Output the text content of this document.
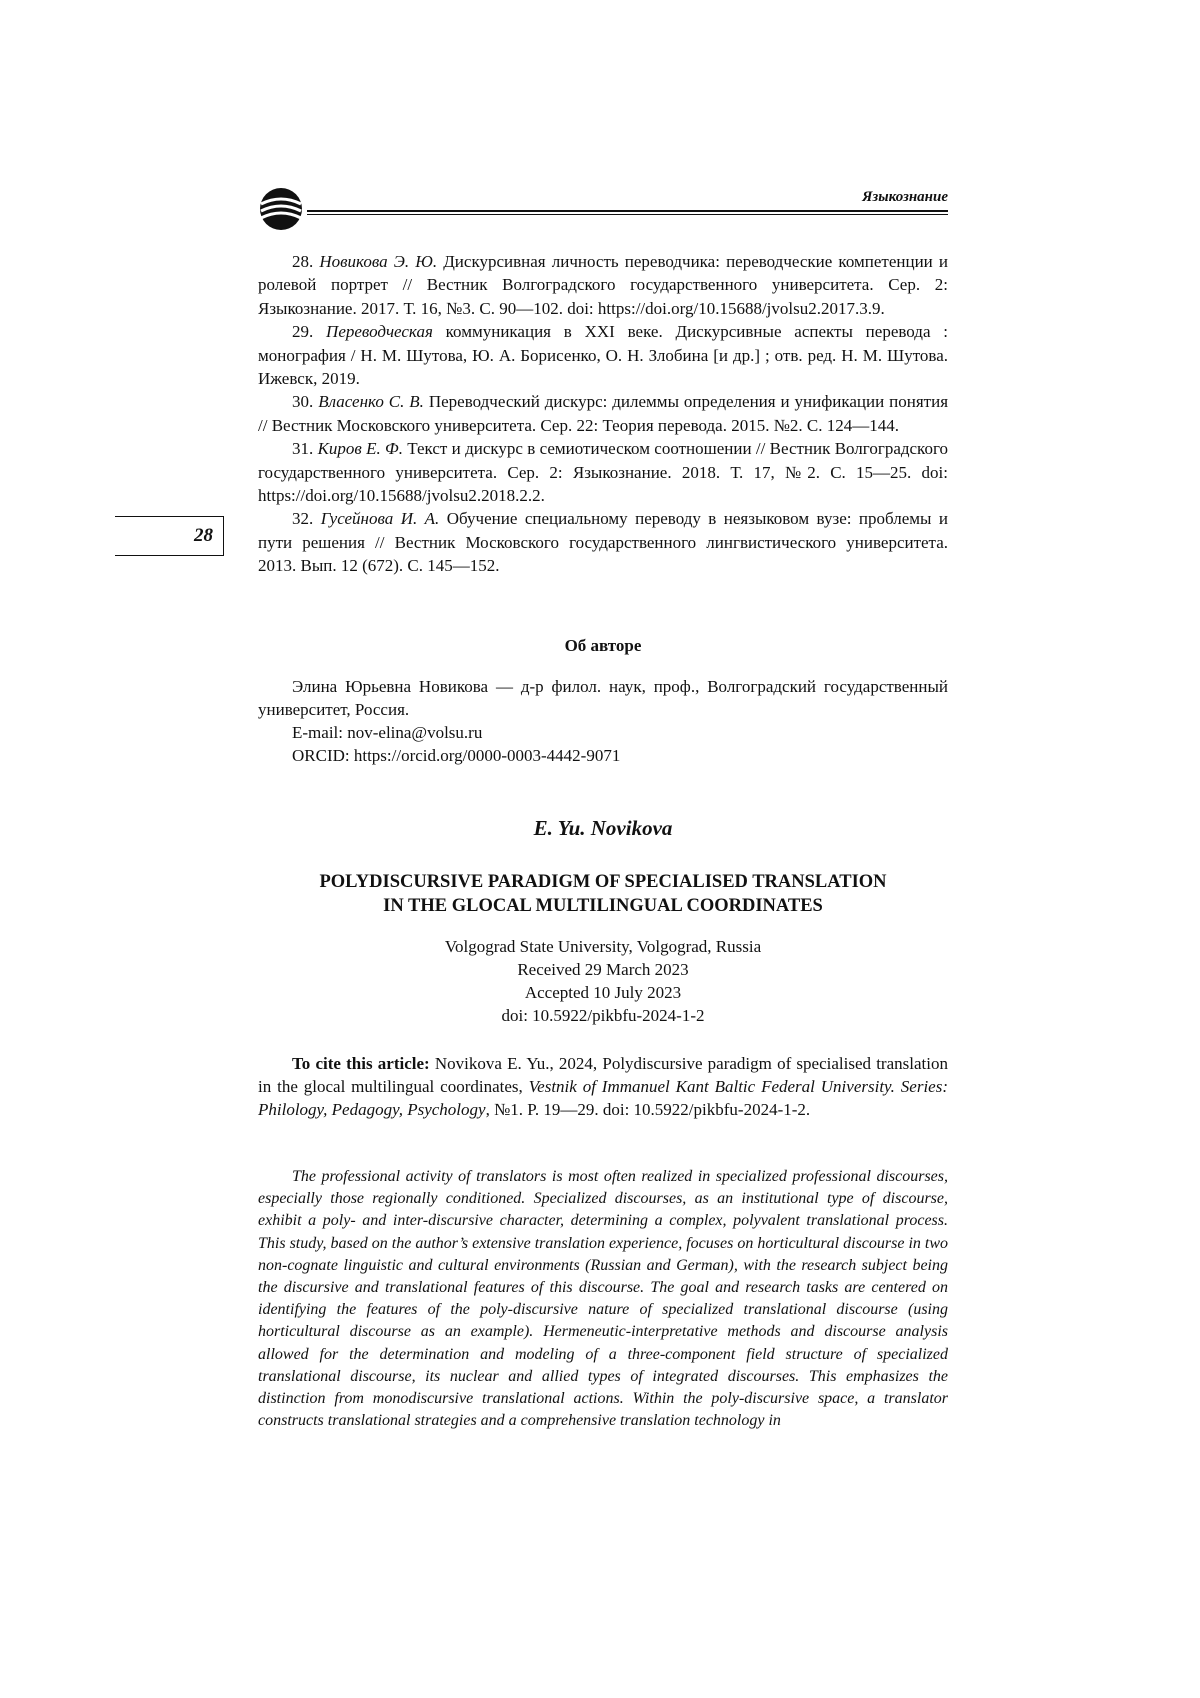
Языкознание
28

28. Новикова Э. Ю. Дискурсивная личность переводчика: переводческие компетенции и ролевой портрет // Вестник Волгоградского государственного университета. Сер. 2: Языкознание. 2017. Т. 16, №3. С. 90—102. doi: https://doi.org/10.15688/jvolsu2.2017.3.9.

29. Переводческая коммуникация в XXI веке. Дискурсивные аспекты перевода : монография / Н. М. Шутова, Ю. А. Борисенко, О. Н. Злобина [и др.] ; отв. ред. Н. М. Шутова. Ижевск, 2019.

30. Власенко С. В. Переводческий дискурс: дилеммы определения и унификации понятия // Вестник Московского университета. Сер. 22: Теория перевода. 2015. №2. С. 124—144.

31. Киров Е. Ф. Текст и дискурс в семиотическом соотношении // Вестник Волгоградского государственного университета. Сер. 2: Языкознание. 2018. Т. 17, №2. С. 15—25. doi: https://doi.org/10.15688/jvolsu2.2018.2.2.

32. Гусейнова И. А. Обучение специальному переводу в неязыковом вузе: проблемы и пути решения // Вестник Московского государственного лингвистического университета. 2013. Вып. 12 (672). С. 145—152.

Об авторе

Элина Юрьевна Новикова — д-р филол. наук, проф., Волгоградский государственный университет, Россия.

E-mail: nov-elina@volsu.ru

ORCID: https://orcid.org/0000-0003-4442-9071

E. Yu. Novikova
POLYDISCURSIVE PARADIGM OF SPECIALISED TRANSLATION
IN THE GLOCAL MULTILINGUAL COORDINATES
Volgograd State University, Volgograd, Russia
Received 29 March 2023
Accepted 10 July 2023
doi: 10.5922/pikbfu-2024-1-2

To cite this article: Novikova E. Yu., 2024, Polydiscursive paradigm of specialised translation in the glocal multilingual coordinates, Vestnik of Immanuel Kant Baltic Federal University. Series: Philology, Pedagogy, Psychology, №1. P. 19—29. doi: 10.5922/pikbfu-2024-1-2.

The professional activity of translators is most often realized in specialized professional discourses, especially those regionally conditioned. Specialized discourses, as an institutional type of discourse, exhibit a poly- and inter-discursive character, determining a complex, polyvalent translational process. This study, based on the author’s extensive translation experience, focuses on horticultural discourse in two non-cognate linguistic and cultural environments (Russian and German), with the research subject being the discursive and translational features of this discourse. The goal and research tasks are centered on identifying the features of the poly-discursive nature of specialized translational discourse (using horticultural discourse as an example). Hermeneutic-interpretative methods and discourse analysis allowed for the determination and modeling of a three-component field structure of specialized translational discourse, its nuclear and allied types of integrated discourses. This emphasizes the distinction from monodiscursive translational actions. Within the poly-discursive space, a translator constructs translational strategies and a comprehensive translation technology in
